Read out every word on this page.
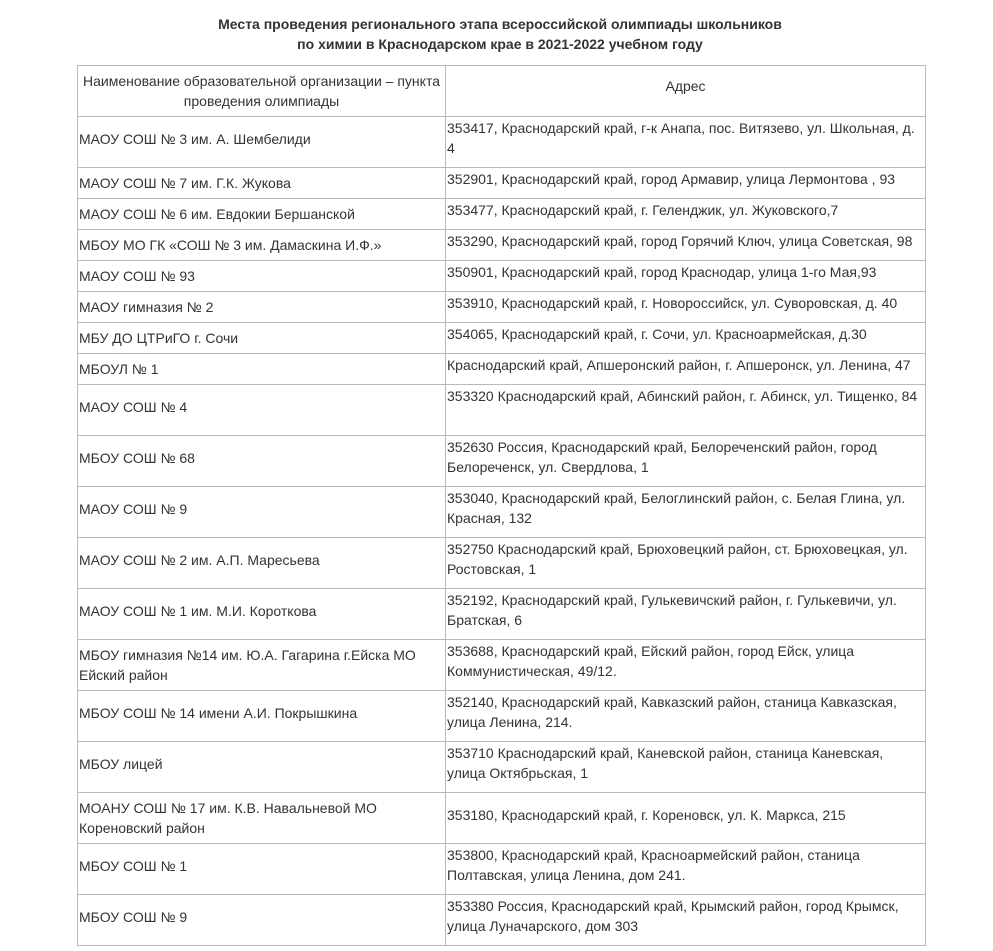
Места проведения регионального этапа всероссийской олимпиады школьников
по химии в Краснодарском крае в 2021-2022 учебном году
Наименование образовательной организации – пункта проведения олимпиады	Адрес
МАОУ СОШ № 3 им. А. Шембелиди	353417, Краснодарский край, г-к Анапа, пос. Витязево, ул. Школьная, д. 4
МАОУ СОШ № 7 им. Г.К. Жукова	352901, Краснодарский край, город Армавир, улица Лермонтова , 93
МАОУ СОШ № 6 им. Евдокии Бершанской	353477, Краснодарский край, г. Геленджик, ул. Жуковского,7
МБОУ МО ГК «СОШ № 3 им. Дамаскина И.Ф.»	353290, Краснодарский край, город Горячий Ключ, улица Советская, 98
МАОУ СОШ № 93	350901, Краснодарский край, город Краснодар, улица 1-го Мая,93
МАОУ гимназия № 2	353910, Краснодарский край, г. Новороссийск, ул. Суворовская, д. 40
МБУ ДО ЦТРиГО г. Сочи	354065, Краснодарский край, г. Сочи, ул. Красноармейская, д.30
МБОУЛ № 1	Краснодарский край, Апшеронский район, г. Апшеронск, ул. Ленина, 47
МАОУ СОШ № 4	353320 Краснодарский край, Абинский район, г. Абинск, ул. Тищенко, 84
МБОУ СОШ № 68	352630 Россия, Краснодарский край, Белореченский район, город Белореченск, ул. Свердлова, 1
МАОУ СОШ № 9	353040, Краснодарский край, Белоглинский район, с. Белая Глина, ул. Красная, 132
МАОУ СОШ № 2 им. А.П. Маресьева	352750 Краснодарский край, Брюховецкий район, ст. Брюховецкая, ул. Ростовская, 1
МАОУ СОШ № 1 им. М.И. Короткова	352192, Краснодарский край, Гулькевичский район, г. Гулькевичи, ул. Братская, 6
МБОУ гимназия №14 им. Ю.А. Гагарина г.Ейска МО Ейский район	353688, Краснодарский край, Ейский район, город Ейск, улица Коммунистическая, 49/12.
МБОУ СОШ № 14 имени А.И. Покрышкина	352140, Краснодарский край, Кавказский район, станица Кавказская, улица Ленина, 214.
МБОУ лицей	353710 Краснодарский край, Каневской район, станица Каневская, улица Октябрьская, 1
МОАНУ СОШ № 17 им. К.В. Навальневой МО Кореновский район	353180, Краснодарский край, г. Кореновск, ул. К. Маркса, 215
МБОУ СОШ № 1	353800, Краснодарский край, Красноармейский район, станица Полтавская, улица Ленина, дом 241.
МБОУ СОШ № 9	353380 Россия, Краснодарский край, Крымский район, город Крымск, улица Луначарского, дом 303
